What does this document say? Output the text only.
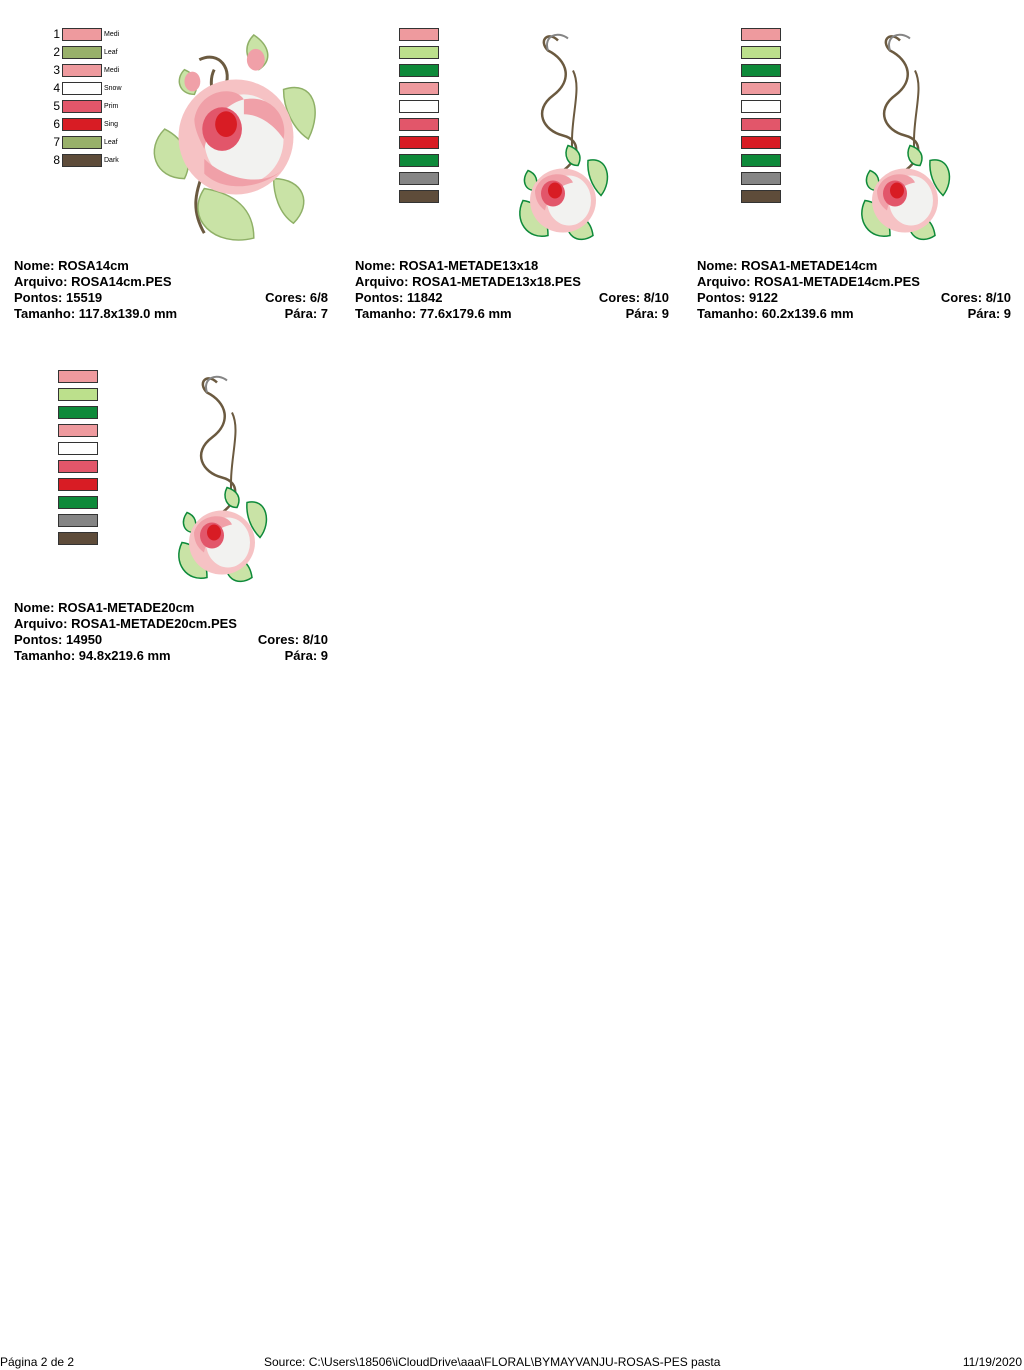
1	Medi
2	Leaf
3	Medi
4	Snow
5	Prim
6	Sing
7	Leaf
8	Dark
Nome: ROSA14cm
Arquivo: ROSA14cm.PES
Pontos: 15519	Cores: 6/8
Tamanho: 117.8x139.0 mm	Pára: 7
Nome: ROSA1-METADE13x18
Arquivo: ROSA1-METADE13x18.PES
Pontos: 11842	Cores: 8/10
Tamanho: 77.6x179.6 mm	Pára: 9
Nome: ROSA1-METADE14cm
Arquivo: ROSA1-METADE14cm.PES
Pontos: 9122	Cores: 8/10
Tamanho: 60.2x139.6 mm	Pára: 9
Nome: ROSA1-METADE20cm
Arquivo: ROSA1-METADE20cm.PES
Pontos: 14950	Cores: 8/10
Tamanho: 94.8x219.6 mm	Pára: 9
Página 2 de 2	Source: C:\Users\18506\iCloudDrive\aaa\FLORAL\BYMAYVANJU-ROSAS-PES pasta	11/19/2020
